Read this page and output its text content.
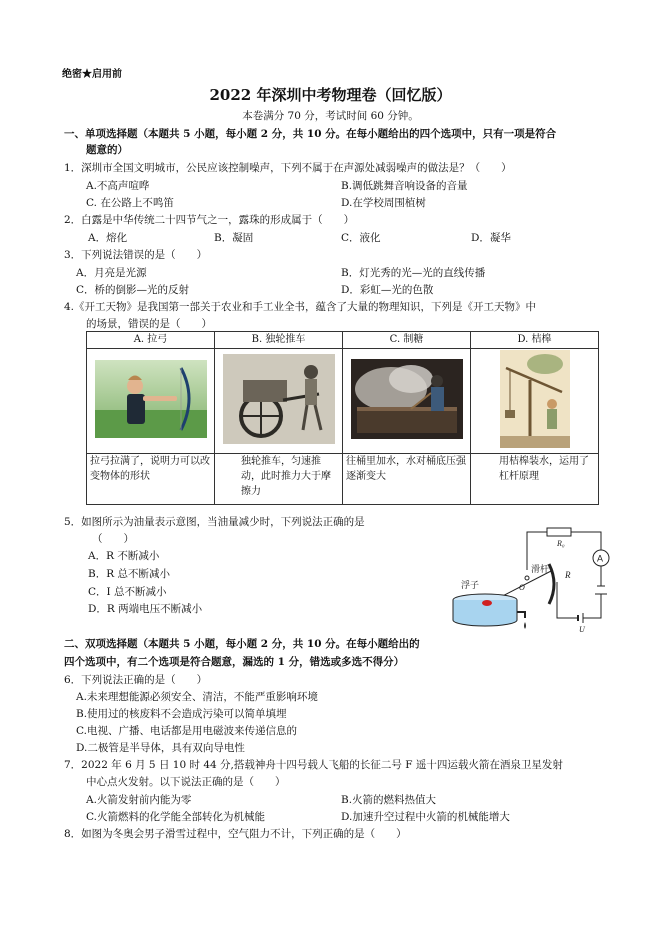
绝密★启用前
2022 年深圳中考物理卷（回忆版）
本卷满分 70 分，考试时间 60 分钟。
一、单项选择题（本题共 5 小题，每小题 2 分，共 10 分。在每小题给出的四个选项中，只有一项是符合
题意的）
1．深圳市全国文明城市，公民应该控制噪声，下列不属于在声源处减弱噪声的做法是？（　　）
A.不高声喧哗	B.调低跳舞音响设备的音量
C. 在公路上不鸣笛	D.在学校周围植树
2．白露是中华传统二十四节气之一，露珠的形成属于（　　）
A．熔化	B．凝固	C．液化	D．凝华
3．下列说法错误的是（　　）
A．月亮是光源	B．灯光秀的光—光的直线传播
C．桥的倒影—光的反射	D．彩虹—光的色散
4.《开工天物》是我国第一部关于农业和手工业全书，蕴含了大量的物理知识，下列是《开工天物》中
的场景，错误的是（　　）
A. 拉弓	B. 独轮推车	C. 制糖	D. 桔槔

拉弓拉满了，说明力可以改变物体的形状	独轮推车，匀速推动，此时推力大于摩擦力	往桶里加水，水对桶底压强逐渐变大	用桔槔装水，运用了杠杆原理
5．如图所示为油量表示意图，当油量减少时，下列说法正确的是
（　　）
A．R 不断减小
B．R 总不断减小
C．I 总不断减小
D．R 两端电压不断减小
R₀
A
R
U
滑杆
O
浮子
二、双项选择题（本题共 5 小题，每小题 2 分，共 10 分。在每小题给出的
四个选项中，有二个选项是符合题意，漏选的 1 分，错选或多选不得分）
6．下列说法正确的是（　　）
A.未来理想能源必须安全、清洁，不能严重影响环境
B.使用过的核废料不会造成污染可以简单填埋
C.电视、广播、电话都是用电磁波来传递信息的
D.二极管是半导体，具有双向导电性
7．2022 年 6 月 5 日 10 时 44 分,搭载神舟十四号载人飞船的长征二号 F 遥十四运载火箭在酒泉卫星发射
中心点火发射。以下说法正确的是（　　）
A.火箭发射前内能为零	B.火箭的燃料热值大
C.火箭燃料的化学能全部转化为机械能	D.加速升空过程中火箭的机械能增大
8．如图为冬奥会男子滑雪过程中，空气阻力不计，下列正确的是（　　）
